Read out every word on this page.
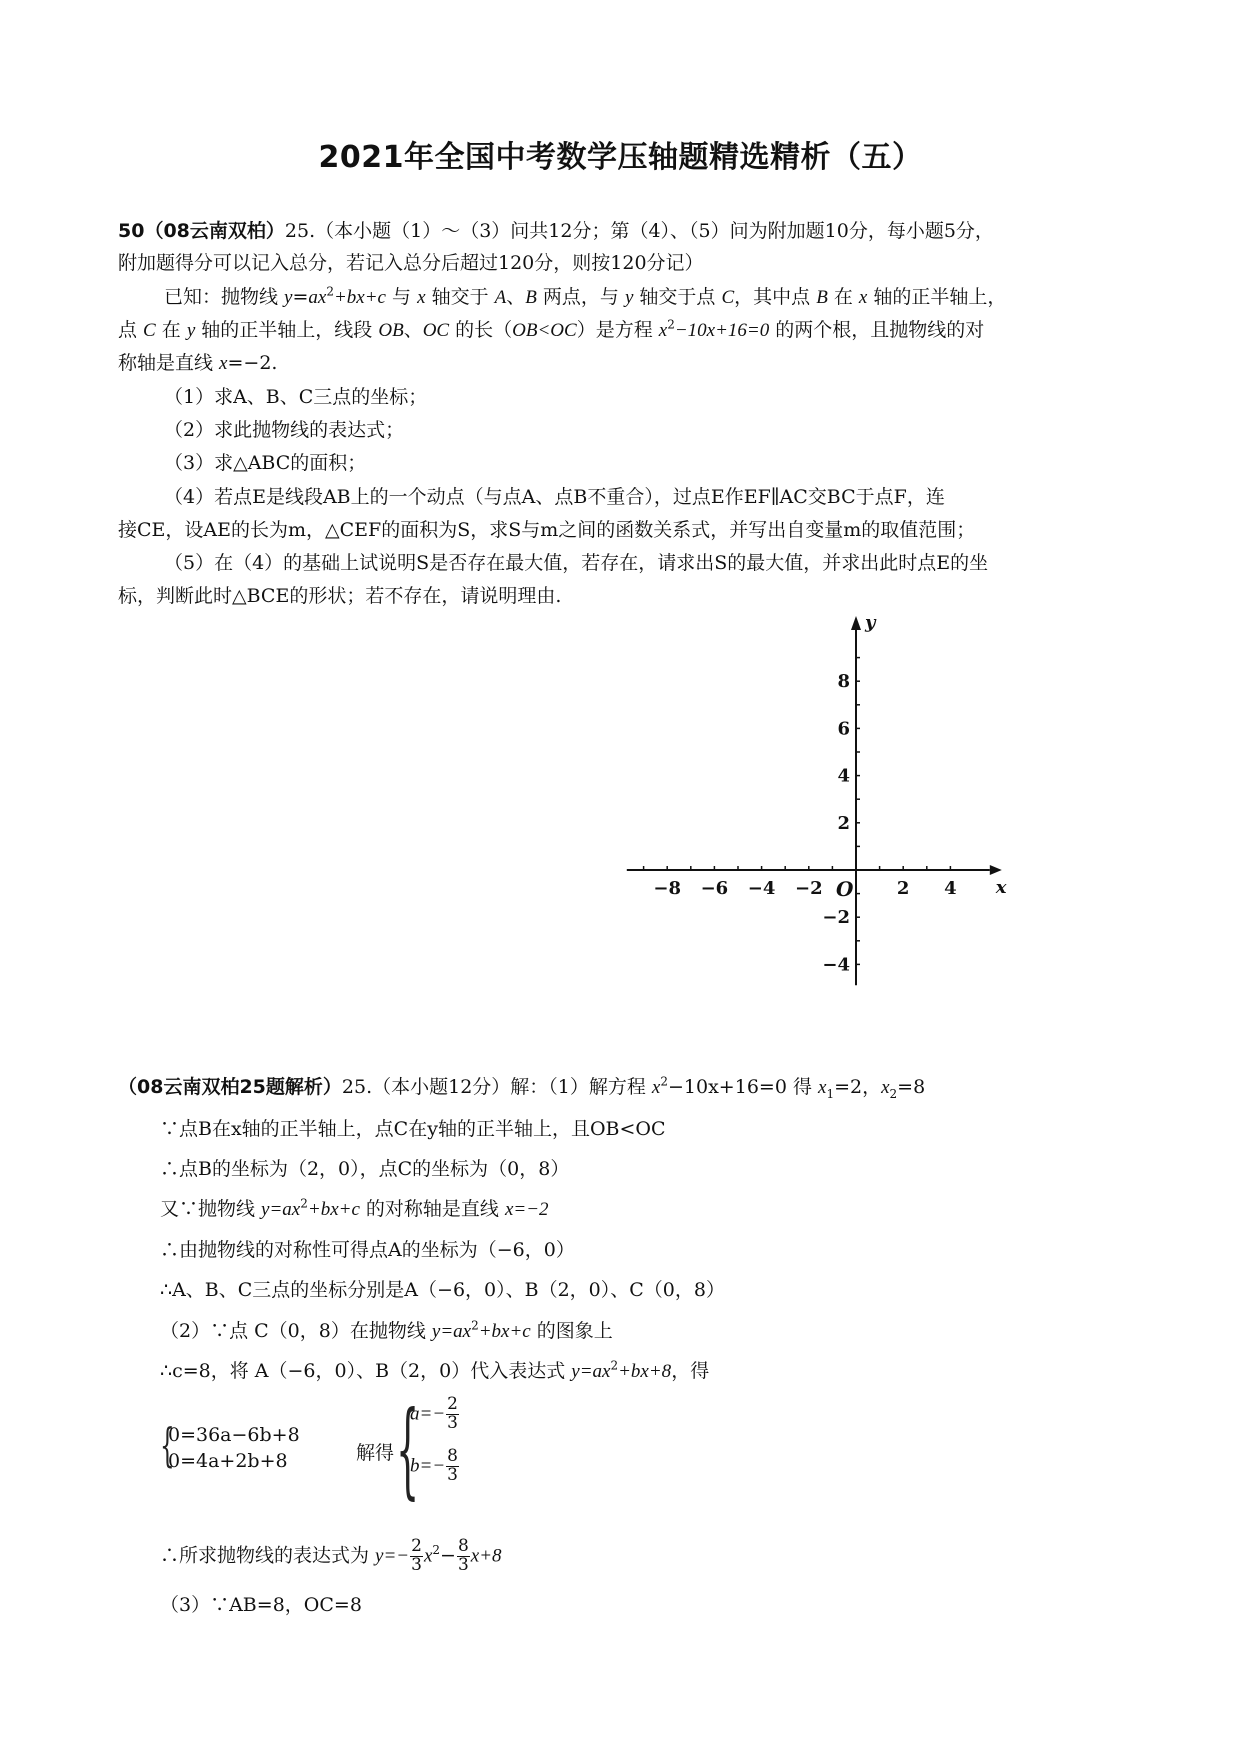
2021年全国中考数学压轴题精选精析（五）
50（08云南双柏）25.（本小题（1）～（3）问共12分；第（4）、（5）问为附加题10分，每小题5分，
附加题得分可以记入总分，若记入总分后超过120分，则按120分记）
已知：抛物线 $y=ax^2+bx+c$ 与 x 轴交于 A、B 两点，与 y 轴交于点 C，其中点 B 在 x 轴的正半轴上，
点 C 在 y 轴的正半轴上，线段 OB、OC 的长（OB<OC）是方程 $x^2-10x+16=0$ 的两个根，且抛物线的对
称轴是直线 x=−2.
（1）求A、B、C三点的坐标；
（2）求此抛物线的表达式；
（3）求△ABC的面积；
（4）若点E是线段AB上的一个动点（与点A、点B不重合），过点E作EF∥AC交BC于点F，连
接CE，设AE的长为m，△CEF的面积为S，求S与m之间的函数关系式，并写出自变量m的取值范围；
（5）在（4）的基础上试说明S是否存在最大值，若存在，请求出S的最大值，并求出此时点E的坐
标，判断此时△BCE的形状；若不存在，请说明理由.
−8 −6 −4 −2	2 4
8
6
4
2
−2
−4
x
y
O
（08云南双柏25题解析）25.（本小题12分）解：（1）解方程 $x^2-10x+16=0$ 得 $x_1=2$，$x_2=8$
∵点B在x轴的正半轴上，点C在y轴的正半轴上，且OB<OC
∴点B的坐标为（2，0），点C的坐标为（0，8）
又∵抛物线 $y=ax^2+bx+c$ 的对称轴是直线 x=−2
∴由抛物线的对称性可得点A的坐标为（−6，0）
∴A、B、C三点的坐标分别是A（−6，0）、B（2，0）、C（0，8）
（2）∵点 C（0，8）在抛物线 $y=ax^2+bx+c$ 的图象上
∴c=8，将 A（−6，0）、B（2，0）代入表达式 $y=ax^2+bx+8$，得
{
0=36a−6b+8
0=4a+2b+8	解得 {
$a=- \frac{2}{3}$
$b=- \frac{8}{3}$
∴所求抛物线的表达式为 $y=- \frac{2}{3} x^2- \frac{8}{3} x+8$
（3）∵AB=8，OC=8
